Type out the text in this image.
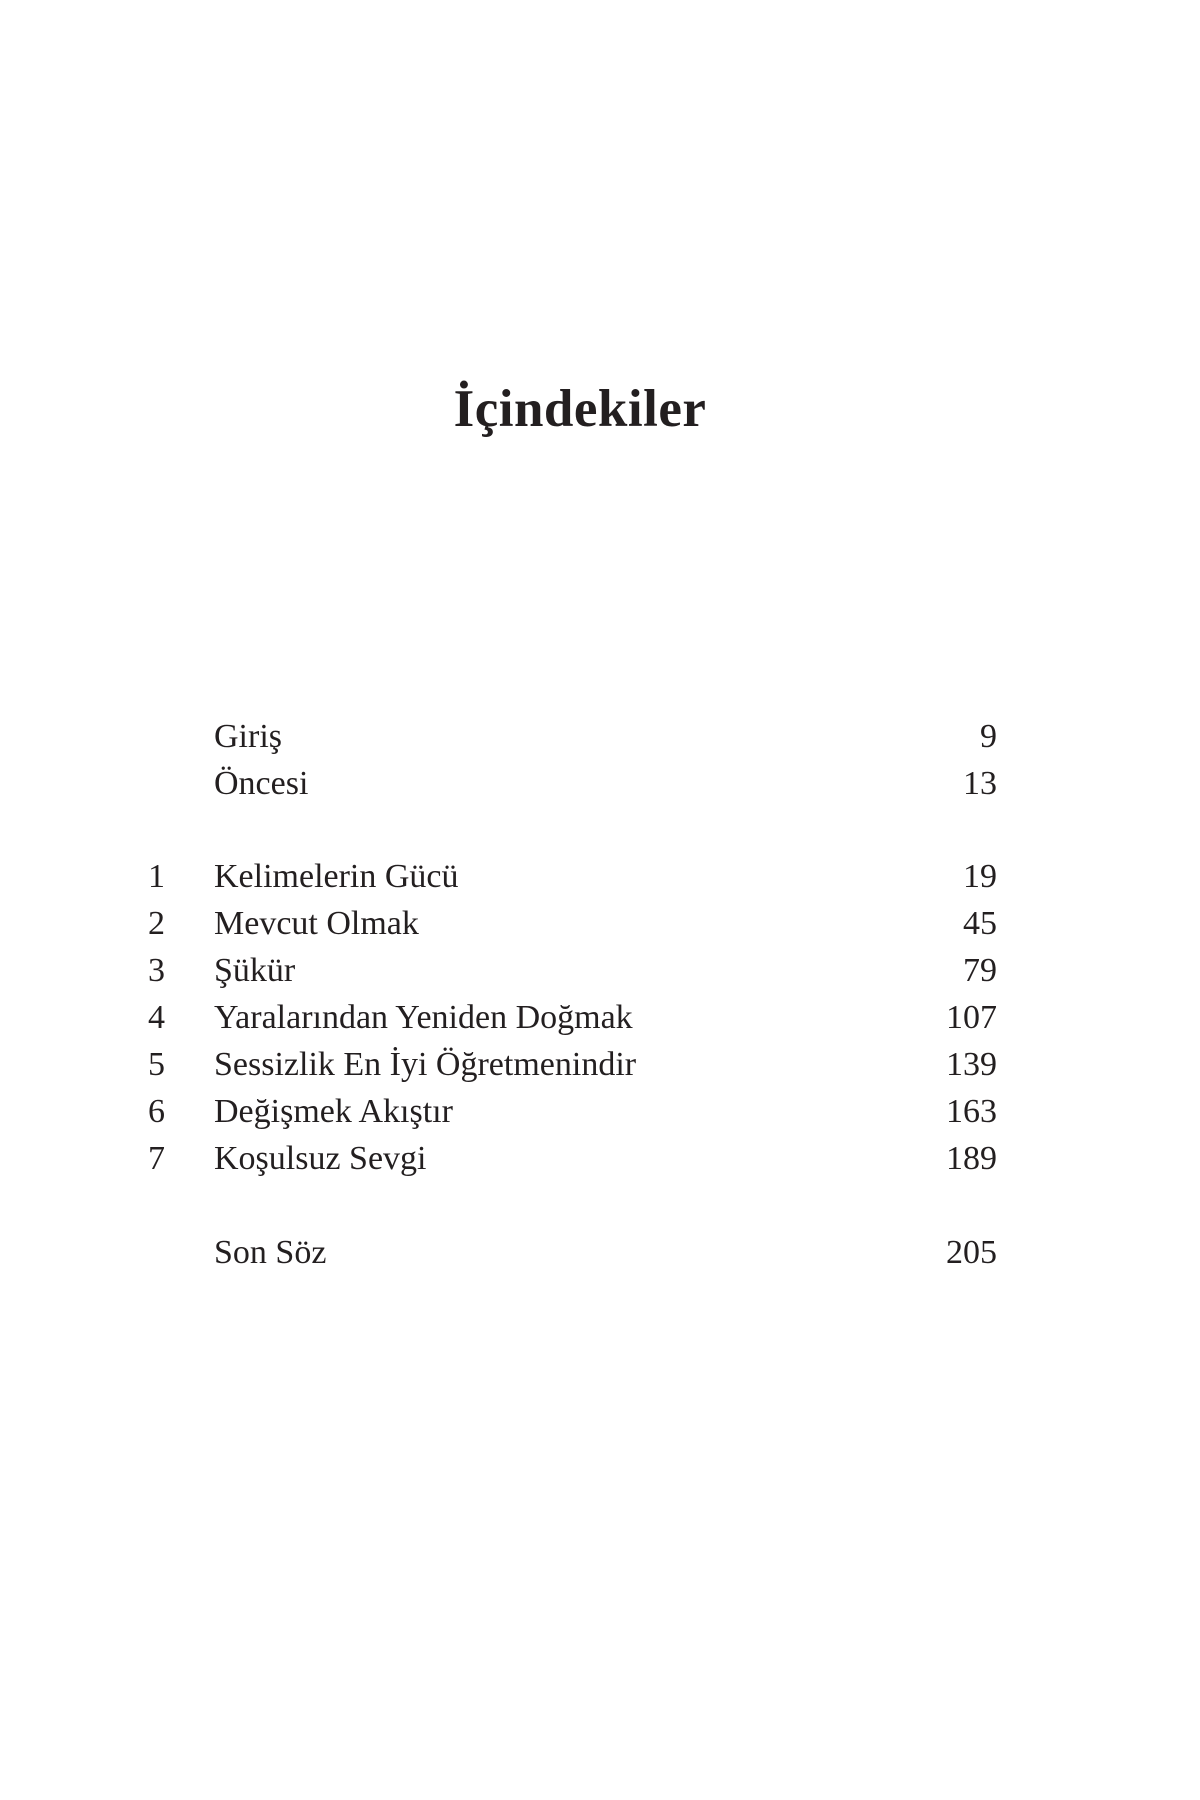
İçindekiler
Giriş	9
Öncesi	13
1	Kelimelerin Gücü	19
2	Mevcut Olmak	45
3	Şükür	79
4	Yaralarından Yeniden Doğmak	107
5	Sessizlik En İyi Öğretmenindir	139
6	Değişmek Akıştır	163
7	Koşulsuz Sevgi	189
Son Söz	205
